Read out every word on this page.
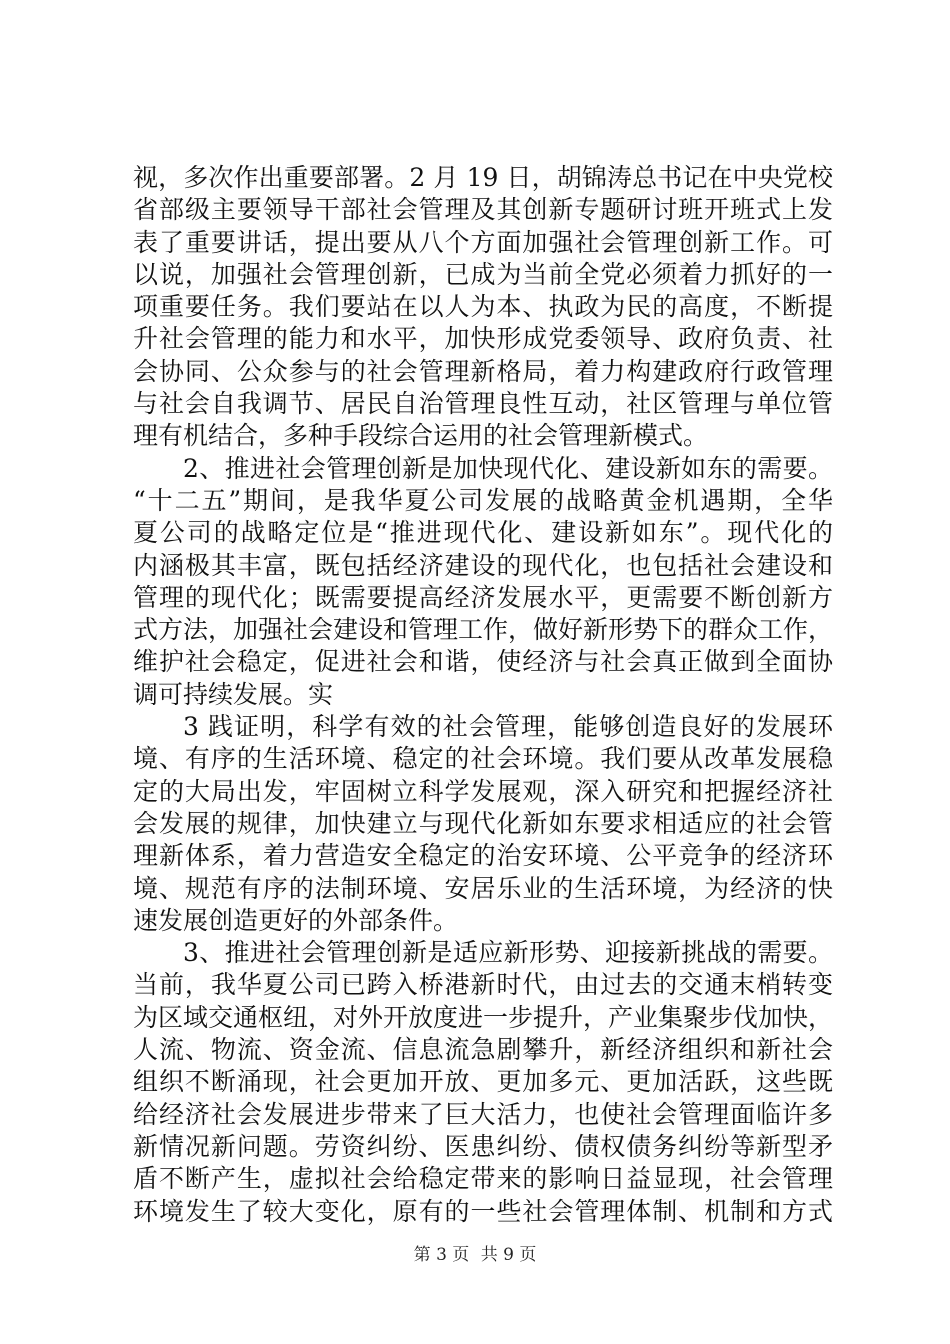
视，多次作出重要部署。2 月 19 日，胡锦涛总书记在中央党校
省部级主要领导干部社会管理及其创新专题研讨班开班式上发
表了重要讲话，提出要从八个方面加强社会管理创新工作。可
以说，加强社会管理创新，已成为当前全党必须着力抓好的一
项重要任务。我们要站在以人为本、执政为民的高度，不断提
升社会管理的能力和水平，加快形成党委领导、政府负责、社
会协同、公众参与的社会管理新格局，着力构建政府行政管理
与社会自我调节、居民自治管理良性互动，社区管理与单位管
理有机结合，多种手段综合运用的社会管理新模式。
2、推进社会管理创新是加快现代化、建设新如东的需要。
“十二五”期间，是我华夏公司发展的战略黄金机遇期，全华
夏公司的战略定位是“推进现代化、建设新如东”。现代化的
内涵极其丰富，既包括经济建设的现代化，也包括社会建设和
管理的现代化；既需要提高经济发展水平，更需要不断创新方
式方法，加强社会建设和管理工作，做好新形势下的群众工作，
维护社会稳定，促进社会和谐，使经济与社会真正做到全面协
调可持续发展。实
3 践证明，科学有效的社会管理，能够创造良好的发展环
境、有序的生活环境、稳定的社会环境。我们要从改革发展稳
定的大局出发，牢固树立科学发展观，深入研究和把握经济社
会发展的规律，加快建立与现代化新如东要求相适应的社会管
理新体系，着力营造安全稳定的治安环境、公平竞争的经济环
境、规范有序的法制环境、安居乐业的生活环境，为经济的快
速发展创造更好的外部条件。
3、推进社会管理创新是适应新形势、迎接新挑战的需要。
当前，我华夏公司已跨入桥港新时代，由过去的交通末梢转变
为区域交通枢纽，对外开放度进一步提升，产业集聚步伐加快，
人流、物流、资金流、信息流急剧攀升，新经济组织和新社会
组织不断涌现，社会更加开放、更加多元、更加活跃，这些既
给经济社会发展进步带来了巨大活力，也使社会管理面临许多
新情况新问题。劳资纠纷、医患纠纷、债权债务纠纷等新型矛
盾不断产生，虚拟社会给稳定带来的影响日益显现，社会管理
环境发生了较大变化，原有的一些社会管理体制、机制和方式
第 3 页 共 9 页
